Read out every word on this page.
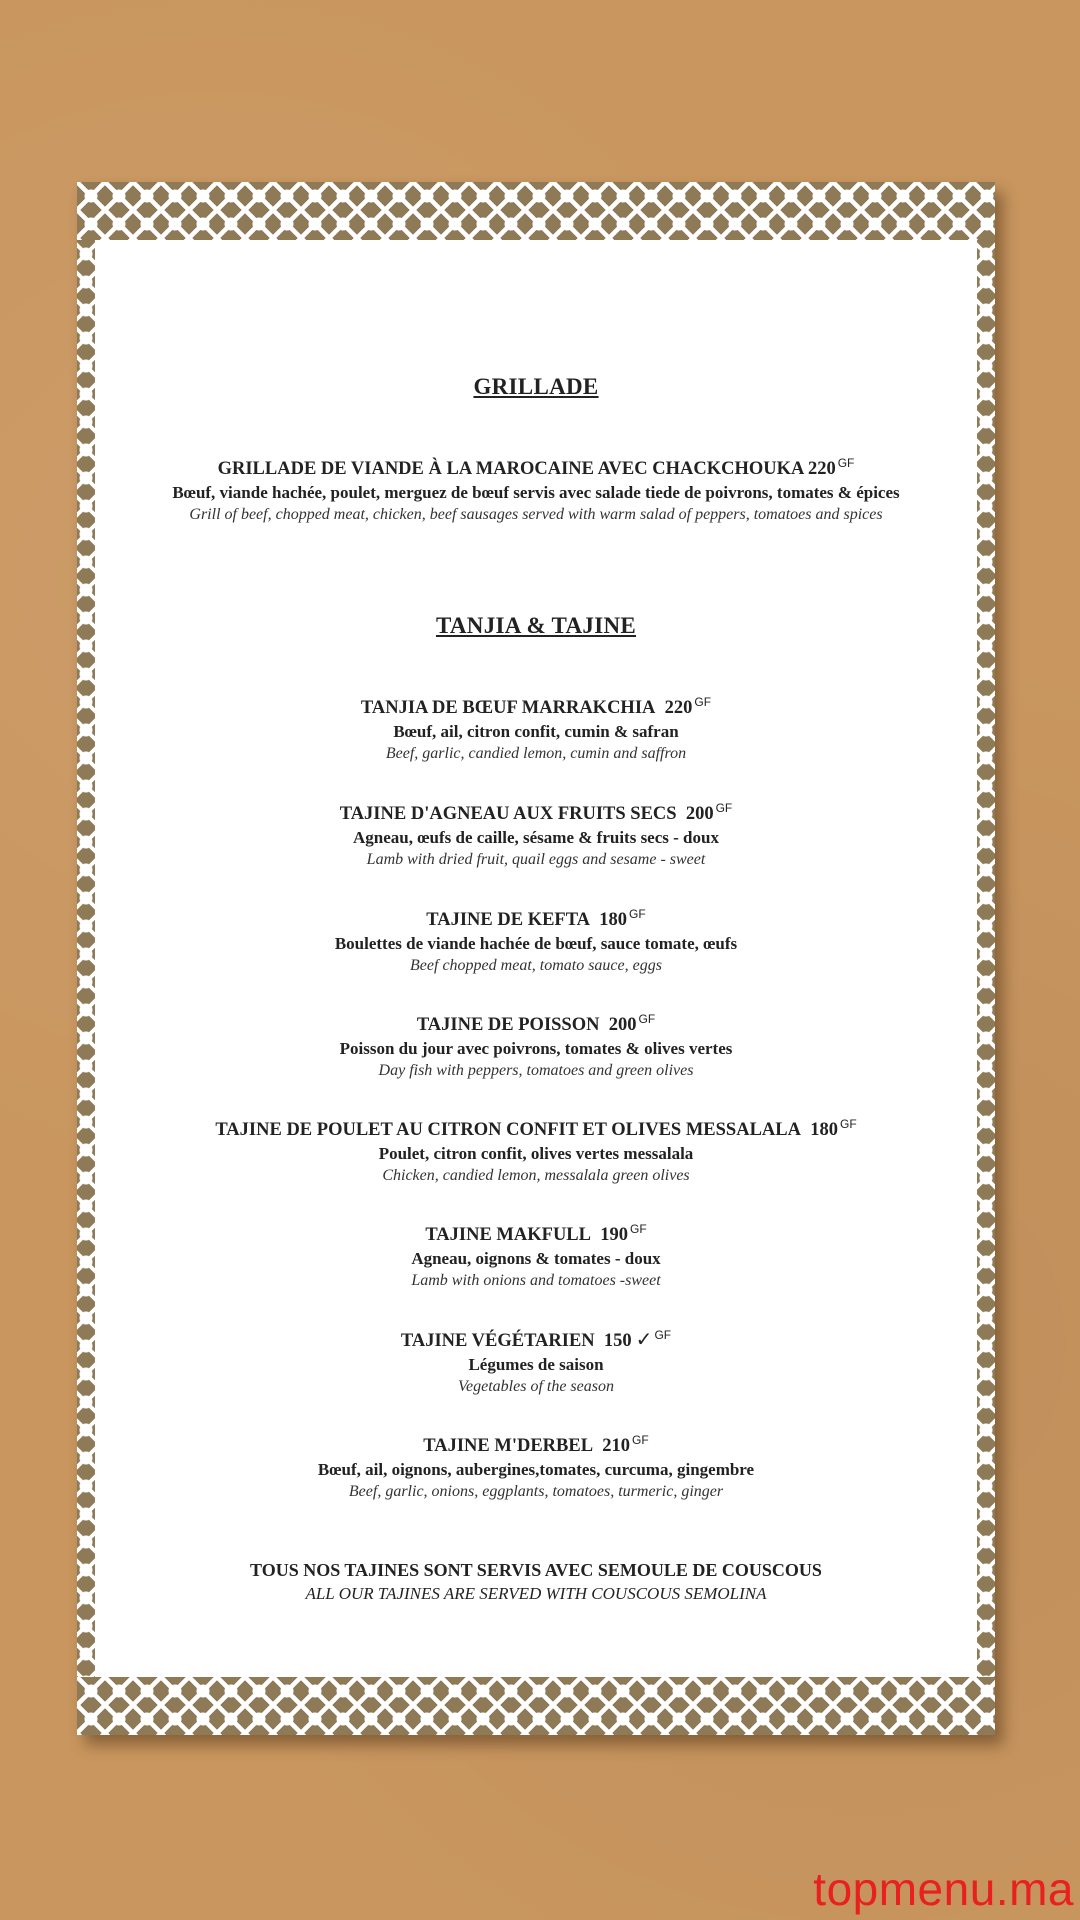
GRILLADE
GRILLADE DE VIANDE À LA MAROCAINE AVEC CHACKCHOUKA 220 $^{GF}$
Bœuf, viande hachée, poulet, merguez de bœuf servis avec salade tiede de poivrons, tomates & épices
Grill of beef, chopped meat, chicken, beef sausages served with warm salad of peppers, tomatoes and spices
TANJIA & TAJINE
TANJIA DE BŒUF MARRAKCHIA 220 $^{GF}$
Bœuf, ail, citron confit, cumin & safran
Beef, garlic, candied lemon, cumin and saffron
TAJINE D'AGNEAU AUX FRUITS SECS 200 $^{GF}$
Agneau, œufs de caille, sésame & fruits secs - doux
Lamb with dried fruit, quail eggs and sesame - sweet
TAJINE DE KEFTA 180 $^{GF}$
Boulettes de viande hachée de bœuf, sauce tomate, œufs
Beef chopped meat, tomato sauce, eggs
TAJINE DE POISSON 200 $^{GF}$
Poisson du jour avec poivrons, tomates & olives vertes
Day fish with peppers, tomatoes and green olives
TAJINE DE POULET AU CITRON CONFIT ET OLIVES MESSALALA 180 $^{GF}$
Poulet, citron confit, olives vertes messalala
Chicken, candied lemon, messalala green olives
TAJINE MAKFULL 190 $^{GF}$
Agneau, oignons & tomates - doux
Lamb with onions and tomatoes -sweet
TAJINE VÉGÉTARIEN 150 ✓ $^{GF}$
Légumes de saison
Vegetables of the season
TAJINE M'DERBEL 210 $^{GF}$
Bœuf, ail, oignons, aubergines,tomates, curcuma, gingembre
Beef, garlic, onions, eggplants, tomatoes, turmeric, ginger
TOUS NOS TAJINES SONT SERVIS AVEC SEMOULE DE COUSCOUS
ALL OUR TAJINES ARE SERVED WITH COUSCOUS SEMOLINA
topmenu.ma
